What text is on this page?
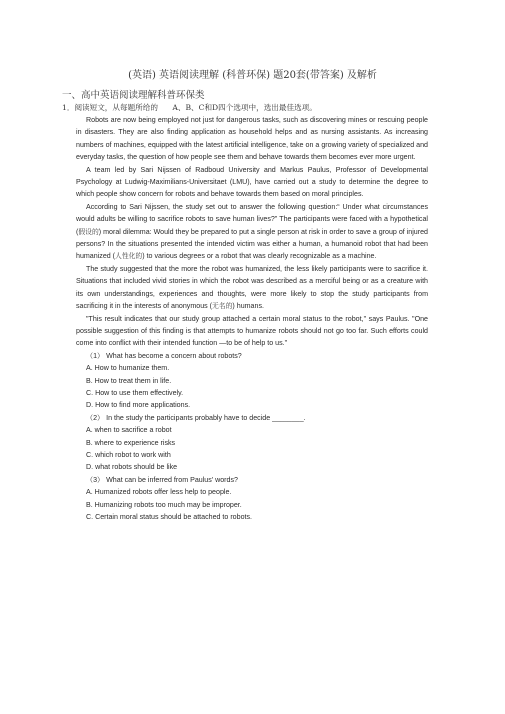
(英语) 英语阅读理解 (科普环保) 题20套(带答案) 及解析
一、高中英语阅读理解科普环保类
1．阅读短文，从每题所给的 A、B、C和D四个选项中，选出最佳选项。

Robots are now being employed not just for dangerous tasks, such as discovering mines or rescuing people in disasters. They are also finding application as household helps and as nursing assistants. As increasing numbers of machines, equipped with the latest artificial intelligence, take on a growing variety of specialized and everyday tasks, the question of how people see them and behave towards them becomes ever more urgent.

A team led by Sari Nijssen of Radboud University and Markus Paulus, Professor of Developmental Psychology at Ludwig-Maximilians-Universitaet (LMU), have carried out a study to determine the degree to which people show concern for robots and behave towards them based on moral principles.

According to Sari Nijssen, the study set out to answer the following question:“ Under what circumstances would adults be willing to sacrifice robots to save human lives?” The participants were faced with a hypothetical (假设的) moral dilemma: Would they be prepared to put a single person at risk in order to save a group of injured persons? In the situations presented the intended victim was either a human, a humanoid robot that had been humanized (人性化的) to various degrees or a robot that was clearly recognizable as a machine.

The study suggested that the more the robot was humanized, the less likely participants were to sacrifice it. Situations that included vivid stories in which the robot was described as a merciful being or as a creature with its own understandings, experiences and thoughts, were more likely to stop the study participants from sacrificing it in the interests of anonymous (无名的) humans.

"This result indicates that our study group attached a certain moral status to the robot," says Paulus. "One possible suggestion of this finding is that attempts to humanize robots should not go too far. Such efforts could come into conflict with their intended function —to be of help to us."

（1） What has become a concern about robots?

A. How to humanize them.

B. How to treat them in life.

C. How to use them effectively.

D. How to find more applications.

（2） In the study the participants probably have to decide ________.

A. when to sacrifice a robot

B. where to experience risks

C. which robot to work with

D. what robots should be like

（3） What can be inferred from Paulus' words?

A. Humanized robots offer less help to people.

B. Humanizing robots too much may be improper.

C. Certain moral status should be attached to robots.
